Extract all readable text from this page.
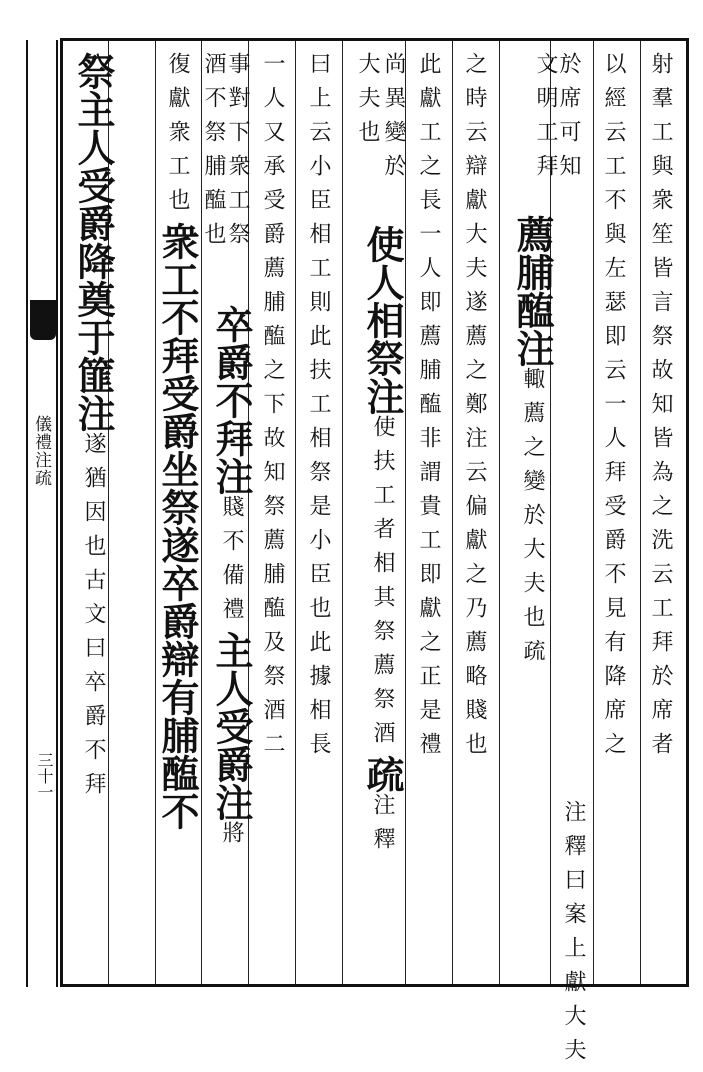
儀禮注疏
三十一
射羣工與衆笙皆言祭故知皆為之洗云工拜於席者
以經云工不與左瑟即云一人拜受爵不見有降席之
於席可知
文明工拜
薦脯醢注輙薦之變於大夫也疏
注釋曰案上獻大夫
之時云辯獻大夫遂薦之鄭注云偏獻之乃薦略賤也
此獻工之長一人即薦脯醢非謂貴工即獻之正是禮
尚異變於
大夫也
使人相祭注使扶工者相其祭薦祭酒疏注釋
曰上云小臣相工則此扶工相祭是小臣也此據相長
一人又承受爵薦脯醢之下故知祭薦脯醢及祭酒二
事對下衆工祭
酒不祭脯醢也
卒爵不拜注賤不備禮主人受爵注將
復獻衆工也衆工不拜受爵坐祭遂卒爵辯有脯醢不
祭主人受爵降奠于篚注遂猶因也古文曰卒爵不拜
